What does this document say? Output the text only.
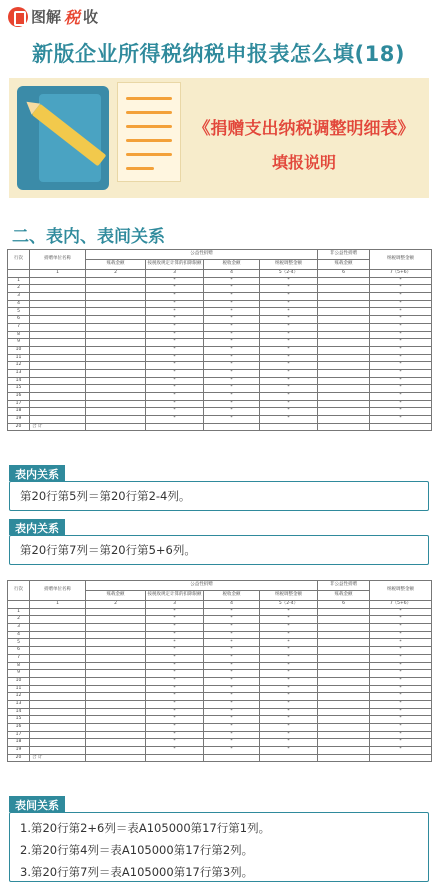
图解 税 收
新版企业所得税纳税申报表怎么填(18)
《捐赠支出纳税调整明细表》
填报说明
二、表内、表间关系
行次	捐赠单位名称	公益性捐赠				非公益性捐赠	纳税调整金额
		账载金额	按税收规定计算的扣除限额	税收金额	纳税调整金额	账载金额	
	1	2	3	4	5（2-4）	6	7（5+6）
1			*	*	*		*
2			*	*	*		*
3			*	*	*		*
4			*	*	*		*
5			*	*	*		*
6			*	*	*		*
7			*	*	*		*
8			*	*	*		*
9			*	*	*		*
10			*	*	*		*
11			*	*	*		*
12			*	*	*		*
13			*	*	*		*
14			*	*	*		*
15			*	*	*		*
16			*	*	*		*
17			*	*	*		*
18			*	*	*		*
19			*	*	*		*
20	合 计						
表内关系
第20行第5列＝第20行第2-4列。
表内关系
第20行第7列＝第20行第5+6列。
行次	捐赠单位名称	公益性捐赠				非公益性捐赠	纳税调整金额
		账载金额	按税收规定计算的扣除限额	税收金额	纳税调整金额	账载金额	
	1	2	3	4	5（2-4）	6	7（5+6）
1			*	*	*		*
2			*	*	*		*
3			*	*	*		*
4			*	*	*		*
5			*	*	*		*
6			*	*	*		*
7			*	*	*		*
8			*	*	*		*
9			*	*	*		*
10			*	*	*		*
11			*	*	*		*
12			*	*	*		*
13			*	*	*		*
14			*	*	*		*
15			*	*	*		*
16			*	*	*		*
17			*	*	*		*
18			*	*	*		*
19			*	*	*		*
20	合 计						
表间关系
1.第20行第2+6列＝表A105000第17行第1列。
2.第20行第4列＝表A105000第17行第2列。
3.第20行第7列＝表A105000第17行第3列。
